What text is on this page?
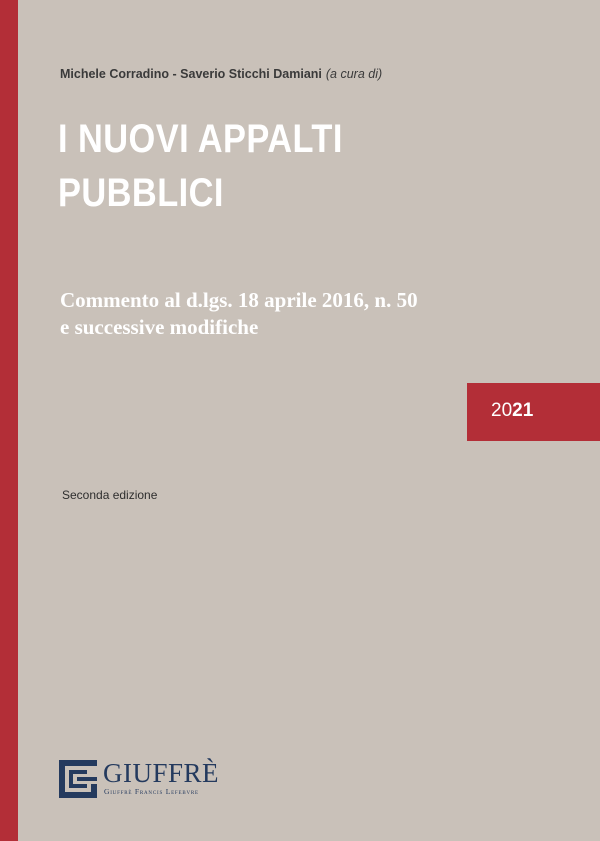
Michele Corradino - Saverio Sticchi Damiani (a cura di)
I NUOVI APPALTI
PUBBLICI
Commento al d.lgs. 18 aprile 2016, n. 50
e successive modifiche
2021
Seconda edizione
GIUFFRÈ
Giuffrè Francis Lefebvre
